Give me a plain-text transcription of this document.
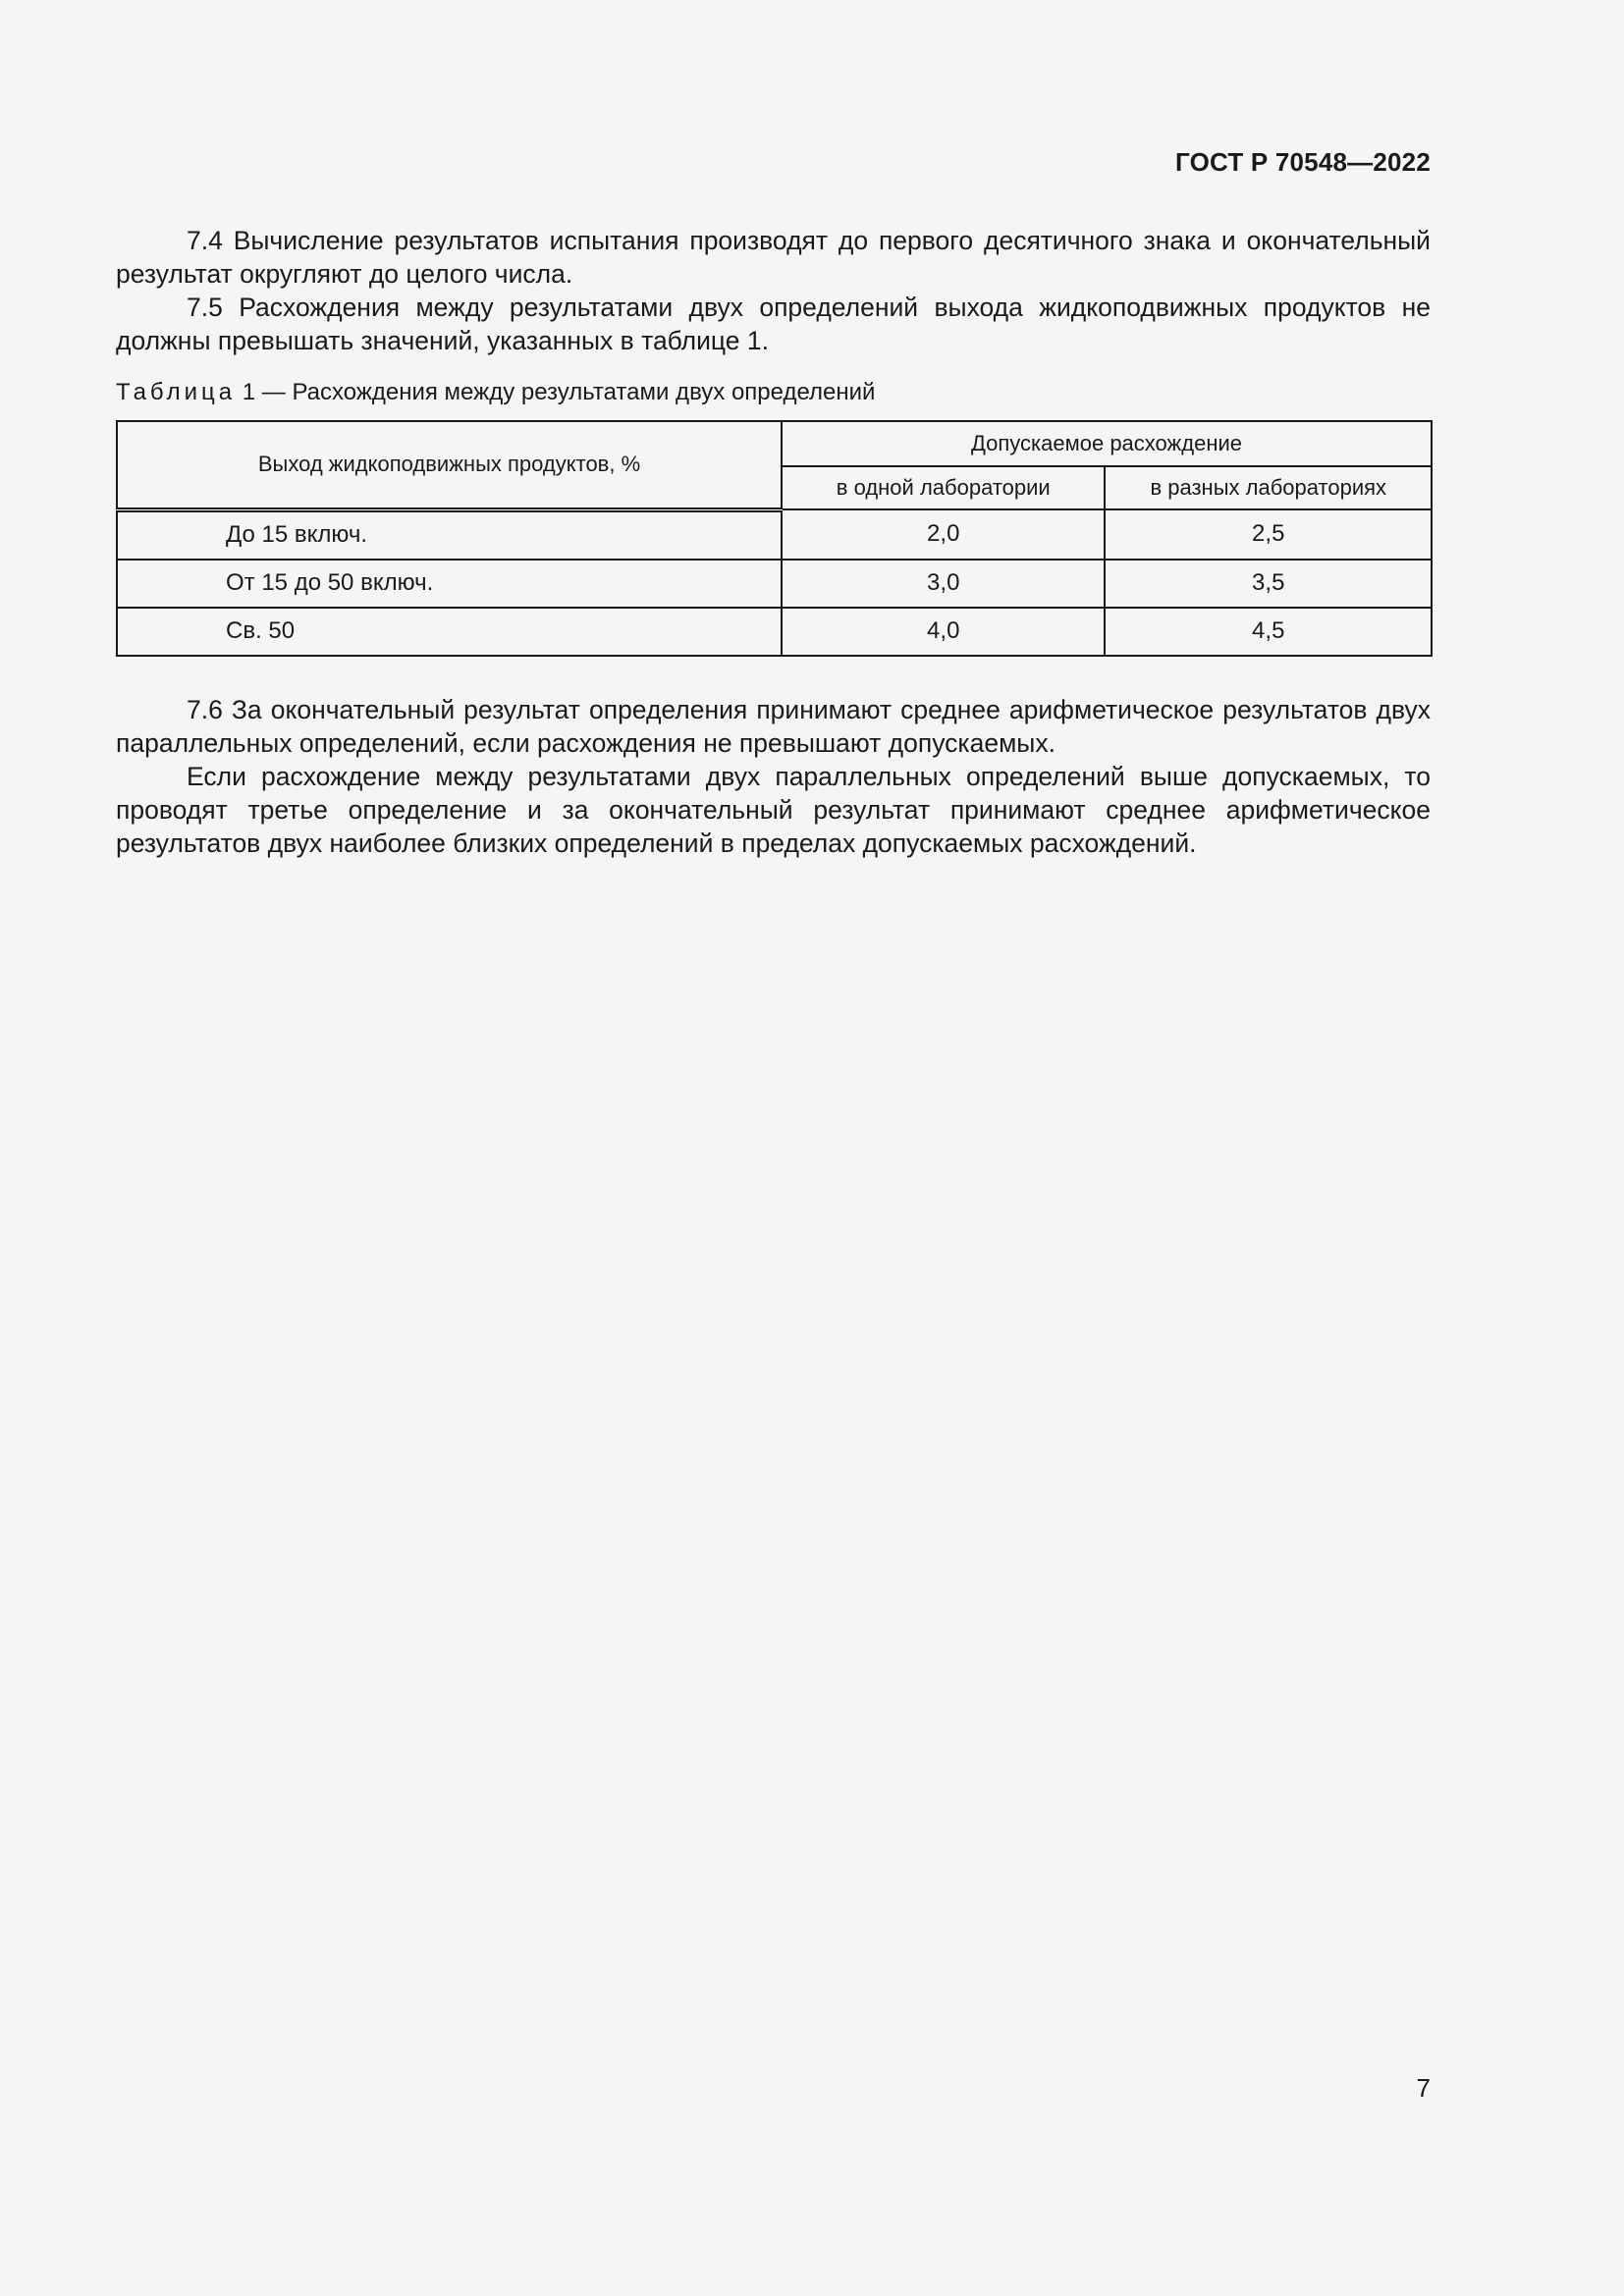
ГОСТ Р 70548—2022

7.4 Вычисление результатов испытания производят до первого десятичного знака и окончательный результат округляют до целого числа.

7.5 Расхождения между результатами двух определений выхода жидкоподвижных продуктов не должны превышать значений, указанных в таблице 1.

Таблица 1 — Расхождения между результатами двух определений
Выход жидкоподвижных продуктов, %	Допускаемое расхождение	
	в одной лаборатории	в разных лабораториях
До 15 включ.	2,0	2,5
От 15 до 50 включ.	3,0	3,5
Св. 50	4,0	4,5

7.6 За окончательный результат определения принимают среднее арифметическое результатов двух параллельных определений, если расхождения не превышают допускаемых.

Если расхождение между результатами двух параллельных определений выше допускаемых, то проводят третье определение и за окончательный результат принимают среднее арифметическое результатов двух наиболее близких определений в пределах допускаемых расхождений.

7
